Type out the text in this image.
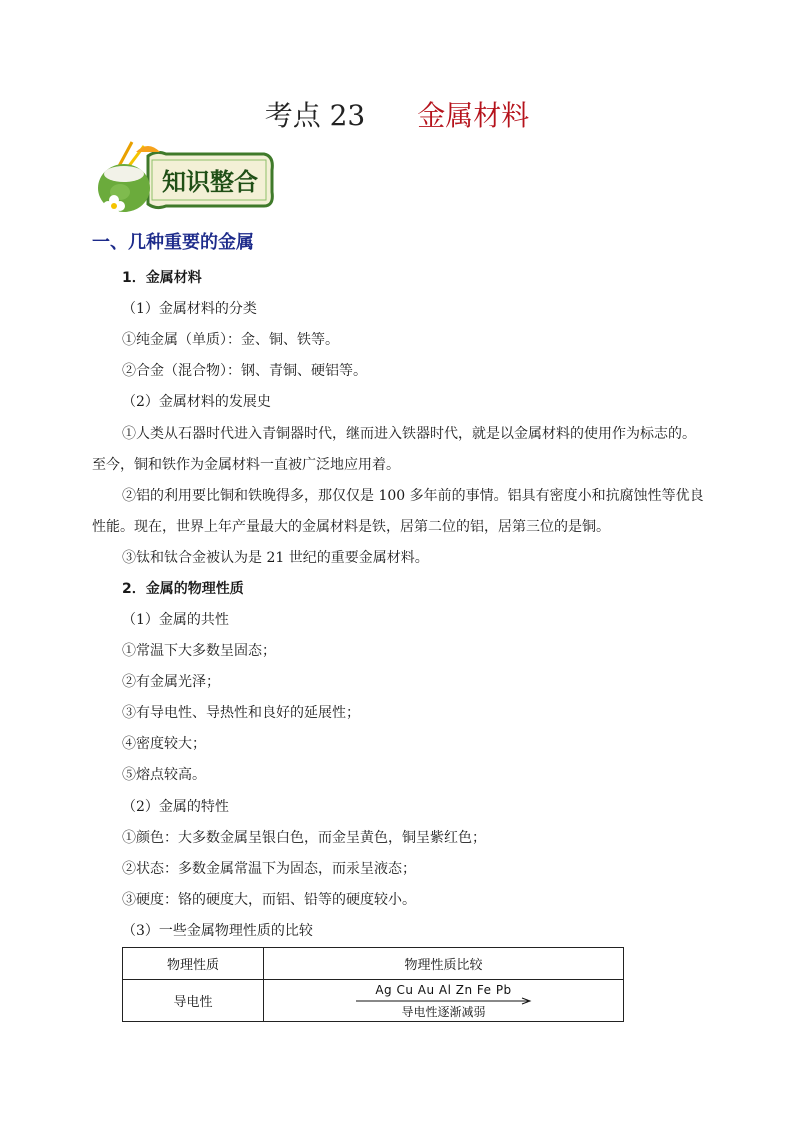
考点 23 金属材料
知识整合
一、几种重要的金属
1．金属材料
（1）金属材料的分类
①纯金属（单质）：金、铜、铁等。
②合金（混合物）：钢、青铜、硬铝等。
（2）金属材料的发展史
①人类从石器时代进入青铜器时代，继而进入铁器时代，就是以金属材料的使用作为标志的。
至今，铜和铁作为金属材料一直被广泛地应用着。
②铝的利用要比铜和铁晚得多，那仅仅是 100 多年前的事情。铝具有密度小和抗腐蚀性等优良
性能。现在，世界上年产量最大的金属材料是铁，居第二位的铝，居第三位的是铜。
③钛和钛合金被认为是 21 世纪的重要金属材料。
2．金属的物理性质
（1）金属的共性
①常温下大多数呈固态；
②有金属光泽；
③有导电性、导热性和良好的延展性；
④密度较大；
⑤熔点较高。
（2）金属的特性
①颜色：大多数金属呈银白色，而金呈黄色，铜呈紫红色；
②状态：多数金属常温下为固态，而汞呈液态；
③硬度：铬的硬度大，而铝、铅等的硬度较小。
（3）一些金属物理性质的比较
物理性质	物理性质比较
导电性	Ag Cu Au Al Zn Fe Pb
导电性逐渐减弱
